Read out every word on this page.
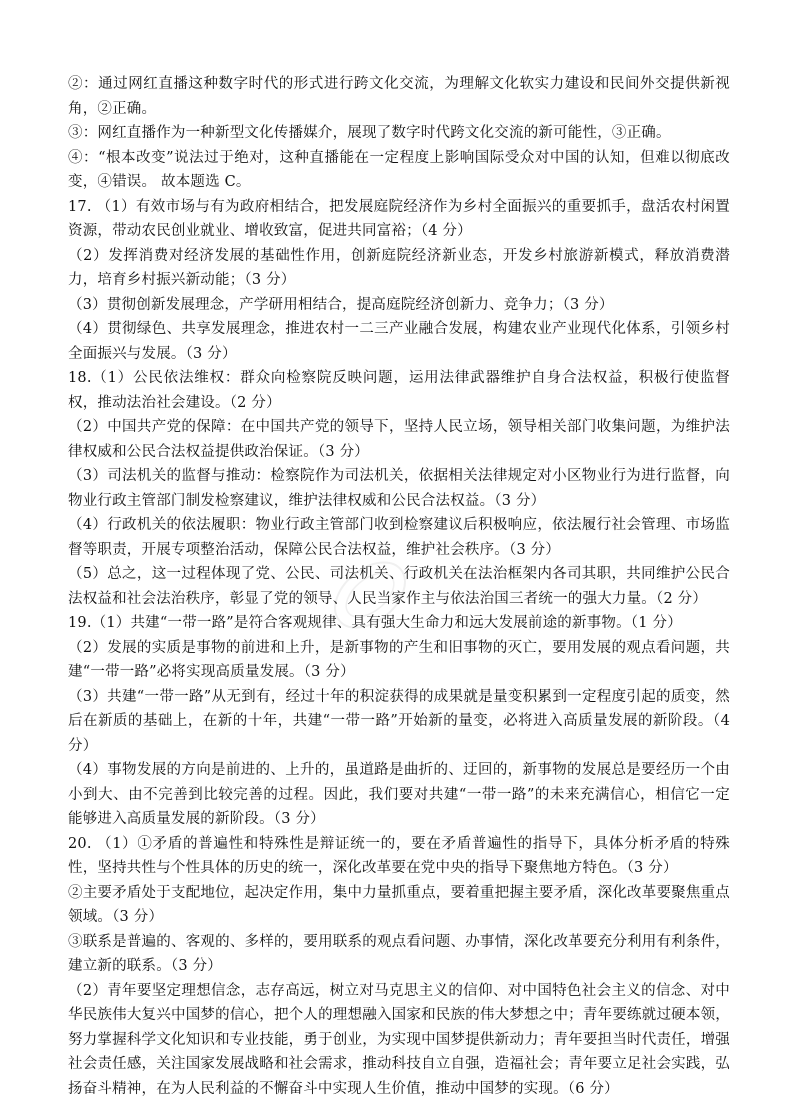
②：通过网红直播这种数字时代的形式进行跨文化交流，为理解文化软实力建设和民间外交提供新视角，②正确。

③：网红直播作为一种新型文化传播媒介，展现了数字时代跨文化交流的新可能性，③正确。

④：“根本改变”说法过于绝对，这种直播能在一定程度上影响国际受众对中国的认知，但难以彻底改变，④错误。 故本题选 C。

17. （1）有效市场与有为政府相结合，把发展庭院经济作为乡村全面振兴的重要抓手，盘活农村闲置资源，带动农民创业就业、增收致富，促进共同富裕；（4 分）

（2）发挥消费对经济发展的基础性作用，创新庭院经济新业态，开发乡村旅游新模式，释放消费潜力，培育乡村振兴新动能；（3 分）

（3）贯彻创新发展理念，产学研用相结合，提高庭院经济创新力、竞争力；（3 分）

（4）贯彻绿色、共享发展理念，推进农村一二三产业融合发展，构建农业产业现代化体系，引领乡村全面振兴与发展。（3 分）

18.（1）公民依法维权：群众向检察院反映问题，运用法律武器维护自身合法权益，积极行使监督权，推动法治社会建设。（2 分）

（2）中国共产党的保障：在中国共产党的领导下，坚持人民立场，领导相关部门收集问题，为维护法律权威和公民合法权益提供政治保证。（3 分）

（3）司法机关的监督与推动：检察院作为司法机关，依据相关法律规定对小区物业行为进行监督，向物业行政主管部门制发检察建议，维护法律权威和公民合法权益。（3 分）

（4）行政机关的依法履职：物业行政主管部门收到检察建议后积极响应，依法履行社会管理、市场监督等职责，开展专项整治活动，保障公民合法权益，维护社会秩序。（3 分）

（5）总之，这一过程体现了党、公民、司法机关、行政机关在法治框架内各司其职，共同维护公民合法权益和社会法治秩序，彰显了党的领导、人民当家作主与依法治国三者统一的强大力量。（2 分）

19.（1）共建“一带一路”是符合客观规律、具有强大生命力和远大发展前途的新事物。（1 分）

（2）发展的实质是事物的前进和上升，是新事物的产生和旧事物的灭亡，要用发展的观点看问题，共建“一带一路”必将实现高质量发展。（3 分）

（3）共建“一带一路”从无到有，经过十年的积淀获得的成果就是量变积累到一定程度引起的质变，然后在新质的基础上，在新的十年，共建“一带一路”开始新的量变，必将进入高质量发展的新阶段。（4 分）

（4）事物发展的方向是前进的、上升的，虽道路是曲折的、迂回的，新事物的发展总是要经历一个由小到大、由不完善到比较完善的过程。因此，我们要对共建“一带一路”的未来充满信心，相信它一定能够进入高质量发展的新阶段。（3 分）

20. （1）①矛盾的普遍性和特殊性是辩证统一的，要在矛盾普遍性的指导下，具体分析矛盾的特殊性，坚持共性与个性具体的历史的统一，深化改革要在党中央的指导下聚焦地方特色。（3 分）

②主要矛盾处于支配地位，起决定作用，集中力量抓重点，要着重把握主要矛盾，深化改革要聚焦重点领域。（3 分）

③联系是普遍的、客观的、多样的，要用联系的观点看问题、办事情，深化改革要充分利用有利条件，建立新的联系。（3 分）

（2）青年要坚定理想信念，志存高远，树立对马克思主义的信仰、对中国特色社会主义的信念、对中华民族伟大复兴中国梦的信心，把个人的理想融入国家和民族的伟大梦想之中；青年要练就过硬本领，努力掌握科学文化知识和专业技能，勇于创业，为实现中国梦提供新动力；青年要担当时代责任，增强社会责任感，关注国家发展战略和社会需求，推动科技自立自强，造福社会；青年要立足社会实践，弘扬奋斗精神，在为人民利益的不懈奋斗中实现人生价值，推动中国梦的实现。（6 分）
